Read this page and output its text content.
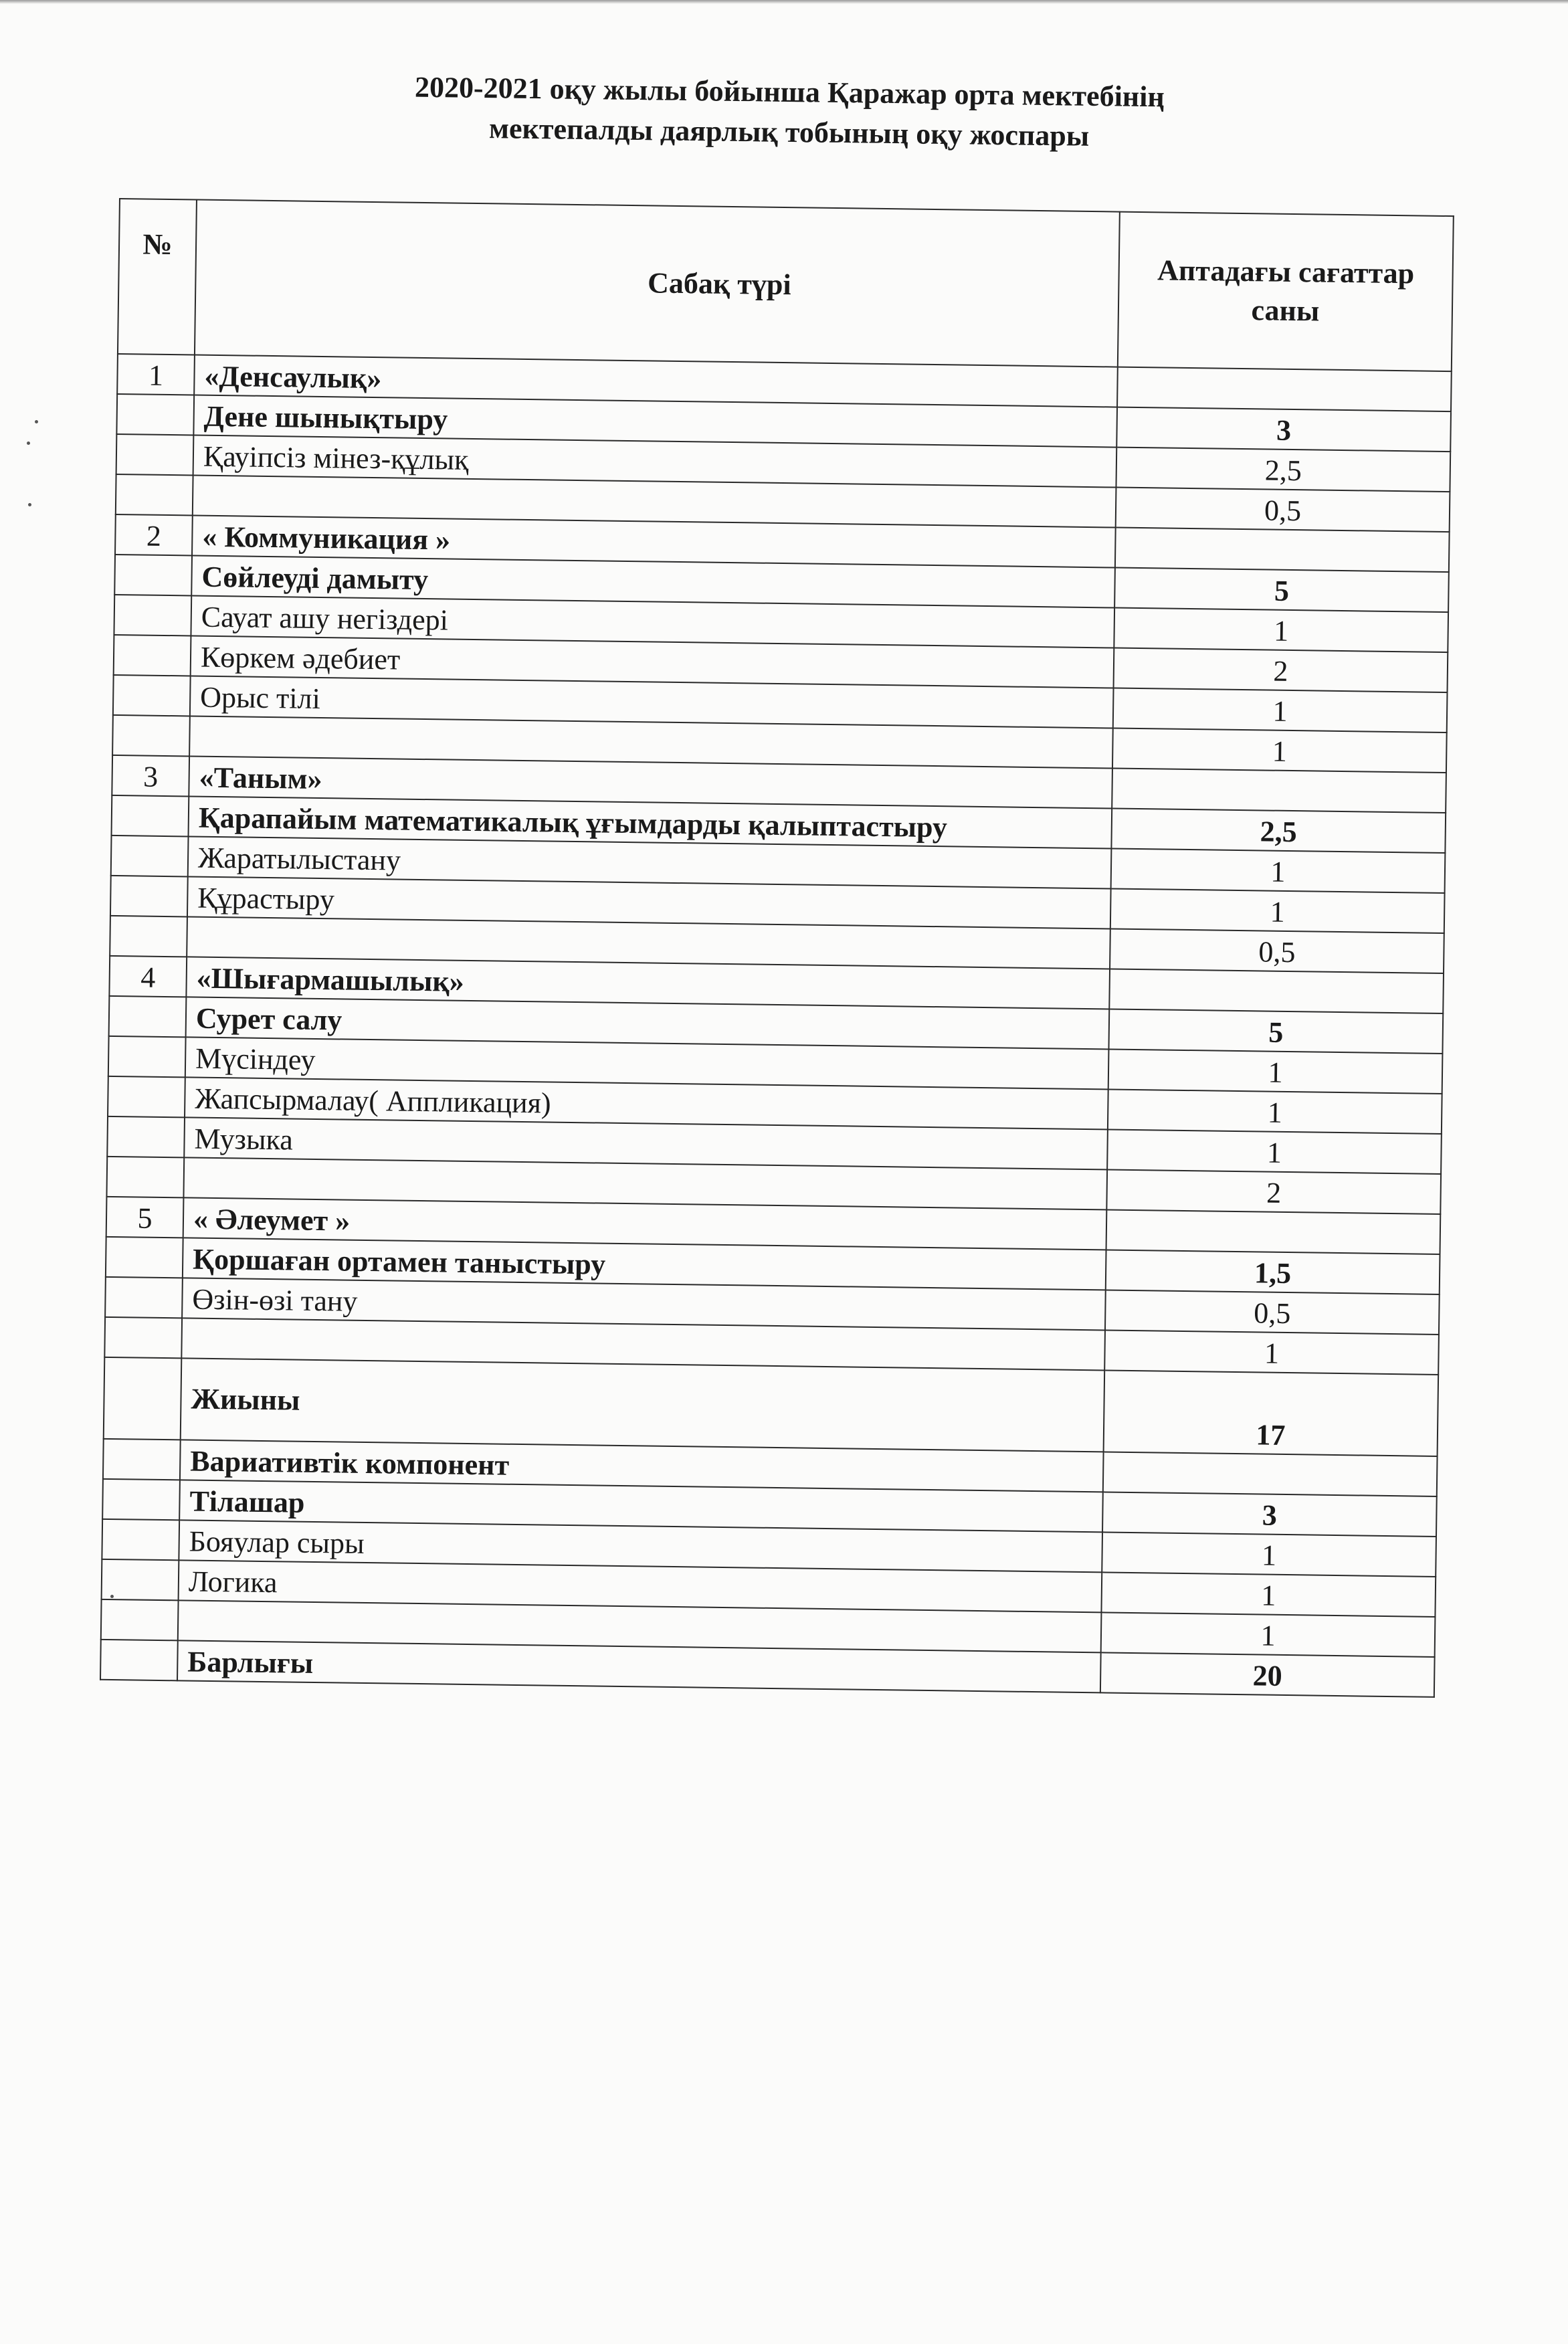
2020-2021 оқу жылы бойынша Қаражар орта мектебінің
мектепалды даярлық тобының оқу жоспары
№	Сабақ түрі	Аптадағы сағаттар саны
1	«Денсаулық»	
	Дене шынықтыру	3
	Қауіпсіз мінез-құлық	2,5
		0,5
2	« Коммуникация »	
	Сөйлеуді дамыту	5
	Сауат ашу негіздері	1
	Көркем әдебиет	2
	Орыс тілі	1
		1
3	«Таным»	
	Қарапайым математикалық ұғымдарды қалыптастыру	2,5
	Жаратылыстану	1
	Құрастыру	1
		0,5
4	«Шығармашылық»	
	Сурет салу	5
	Мүсіндеу	1
	Жапсырмалау( Аппликация)	1
	Музыка	1
		2
5	« Әлеумет »	
	Қоршаған ортамен таныстыру	1,5
	Өзін-өзі тану	0,5
		1
	Жиыны	17
	Вариативтік компонент	
	Тілашар	3
	Бояулар сыры	1
	Логика	1
		1
	Барлығы	20
